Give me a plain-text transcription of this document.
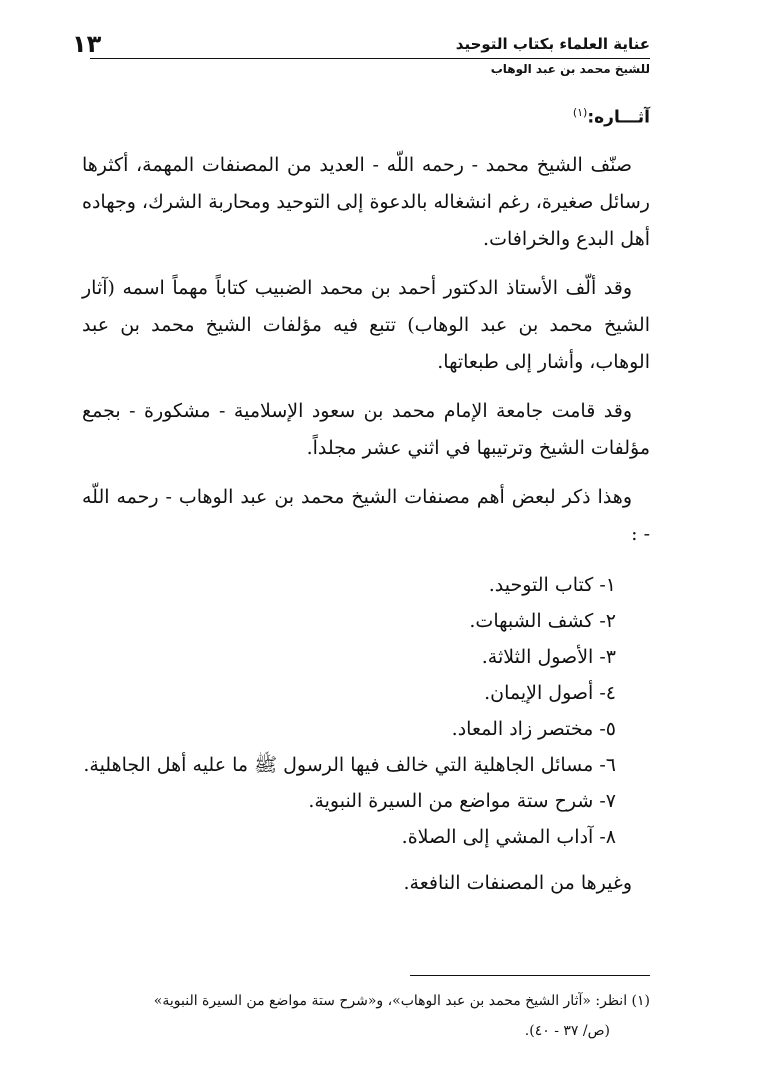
عناية العلماء بكتاب التوحيد
للشيخ محمد بن عبد الوهاب
١٣
آثـــاره:$^{(١)}$

صنّف الشيخ محمد - رحمه اللّه - العديد من المصنفات المهمة، أكثرها رسائل صغيرة، رغم انشغاله بالدعوة إلى التوحيد ومحاربة الشرك، وجهاده أهل البدع والخرافات.

وقد ألّف الأستاذ الدكتور أحمد بن محمد الضبيب كتاباً مهماً اسمه (آثار الشيخ محمد بن عبد الوهاب) تتبع فيه مؤلفات الشيخ محمد بن عبد الوهاب، وأشار إلى طبعاتها.

وقد قامت جامعة الإمام محمد بن سعود الإسلامية - مشكورة - بجمع مؤلفات الشيخ وترتيبها في اثني عشر مجلداً.

وهذا ذكر لبعض أهم مصنفات الشيخ محمد بن عبد الوهاب - رحمه اللّه - :

١- كتاب التوحيد.
٢- كشف الشبهات.
٣- الأصول الثلاثة.
٤- أصول الإيمان.
٥- مختصر زاد المعاد.
٦- مسائل الجاهلية التي خالف فيها الرسول ﷺ ما عليه أهل الجاهلية.
٧- شرح ستة مواضع من السيرة النبوية.
٨- آداب المشي إلى الصلاة.

وغيرها من المصنفات النافعة.

(١) انظر: «آثار الشيخ محمد بن عبد الوهاب»، و«شرح ستة مواضع من السيرة النبوية»
(ص/ ٣٧ - ٤٠).
